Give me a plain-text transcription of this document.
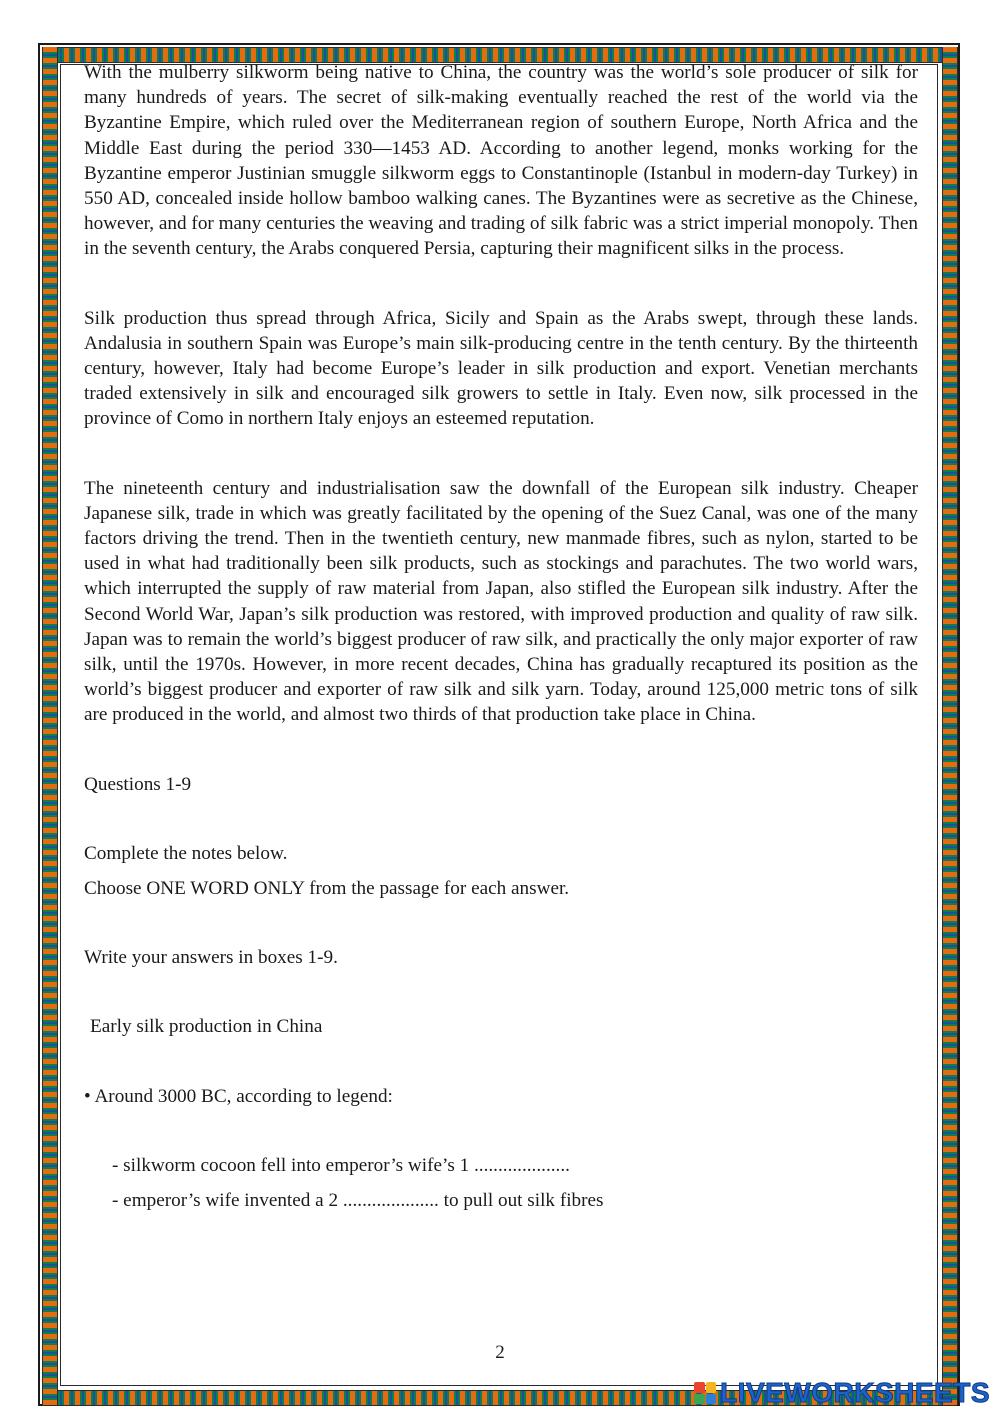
With the mulberry silkworm being native to China, the country was the world’s sole producer of silk for many hundreds of years. The secret of silk-making eventually reached the rest of the world via the Byzantine Empire, which ruled over the Mediterranean region of southern Europe, North Africa and the Middle East during the period 330—1453 AD. According to another legend, monks working for the Byzantine emperor Justinian smuggle silkworm eggs to Constantinople (Istanbul in modern-day Turkey) in 550 AD, concealed inside hollow bamboo walking canes. The Byzantines were as secretive as the Chinese, however, and for many centuries the weaving and trading of silk fabric was a strict imperial monopoly. Then in the seventh century, the Arabs conquered Persia, capturing their magnificent silks in the process.

Silk production thus spread through Africa, Sicily and Spain as the Arabs swept, through these lands. Andalusia in southern Spain was Europe’s main silk-producing centre in the tenth century. By the thirteenth century, however, Italy had become Europe’s leader in silk production and export. Venetian merchants traded extensively in silk and encouraged silk growers to settle in Italy. Even now, silk processed in the province of Como in northern Italy enjoys an esteemed reputation.

The nineteenth century and industrialisation saw the downfall of the European silk industry. Cheaper Japanese silk, trade in which was greatly facilitated by the opening of the Suez Canal, was one of the many factors driving the trend. Then in the twentieth century, new manmade fibres, such as nylon, started to be used in what had traditionally been silk products, such as stockings and parachutes. The two world wars, which interrupted the supply of raw material from Japan, also stifled the European silk industry. After the Second World War, Japan’s silk production was restored, with improved production and quality of raw silk. Japan was to remain the world’s biggest producer of raw silk, and practically the only major exporter of raw silk, until the 1970s. However, in more recent decades, China has gradually recaptured its position as the world’s biggest producer and exporter of raw silk and silk yarn. Today, around 125,000 metric tons of silk are produced in the world, and almost two thirds of that production take place in China.

Questions 1-9

Complete the notes below.

Choose ONE WORD ONLY from the passage for each answer.

Write your answers in boxes 1-9.

Early silk production in China

• Around 3000 BC, according to legend:

- silkworm cocoon fell into emperor’s wife’s 1 ....................

- emperor’s wife invented a 2 .................... to pull out silk fibres

2
LIVEWORKSHEETS
